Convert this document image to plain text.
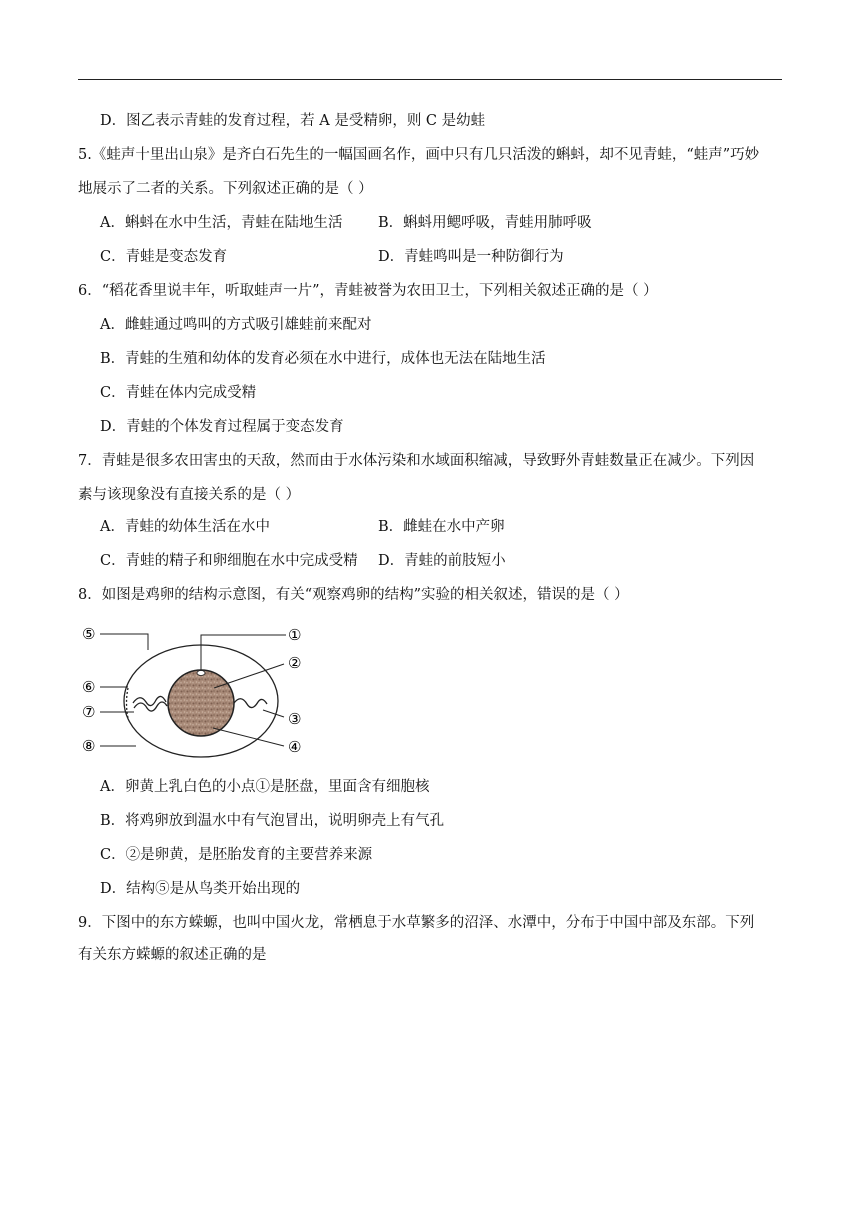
D．图乙表示青蛙的发育过程，若 A 是受精卵，则 C 是幼蛙
5.《蛙声十里出山泉》是齐白石先生的一幅国画名作，画中只有几只活泼的蝌蚪，却不见青蛙，“蛙声”巧妙
地展示了二者的关系。下列叙述正确的是（ ）
A．蝌蚪在水中生活，青蛙在陆地生活 B．蝌蚪用鳃呼吸，青蛙用肺呼吸
C．青蛙是变态发育	D．青蛙鸣叫是一种防御行为
6．“稻花香里说丰年，听取蛙声一片”，青蛙被誉为农田卫士，下列相关叙述正确的是（ ）
A．雌蛙通过鸣叫的方式吸引雄蛙前来配对
B．青蛙的生殖和幼体的发育必须在水中进行，成体也无法在陆地生活
C．青蛙在体内完成受精
D．青蛙的个体发育过程属于变态发育
7．青蛙是很多农田害虫的天敌，然而由于水体污染和水域面积缩减，导致野外青蛙数量正在减少。下列因
素与该现象没有直接关系的是（ ）
A．青蛙的幼体生活在水中	B．雌蛙在水中产卵
C．青蛙的精子和卵细胞在水中完成受精 D．青蛙的前肢短小
8．如图是鸡卵的结构示意图，有关“观察鸡卵的结构”实验的相关叙述，错误的是（ ）
⑤
⑥
⑦
⑧
①
②
③
④
A．卵黄上乳白色的小点①是胚盘，里面含有细胞核
B．将鸡卵放到温水中有气泡冒出，说明卵壳上有气孔
C．②是卵黄，是胚胎发育的主要营养来源
D．结构⑤是从鸟类开始出现的
9．下图中的东方蝾螈，也叫中国火龙，常栖息于水草繁多的沼泽、水潭中，分布于中国中部及东部。下列
有关东方蝾螈的叙述正确的是
